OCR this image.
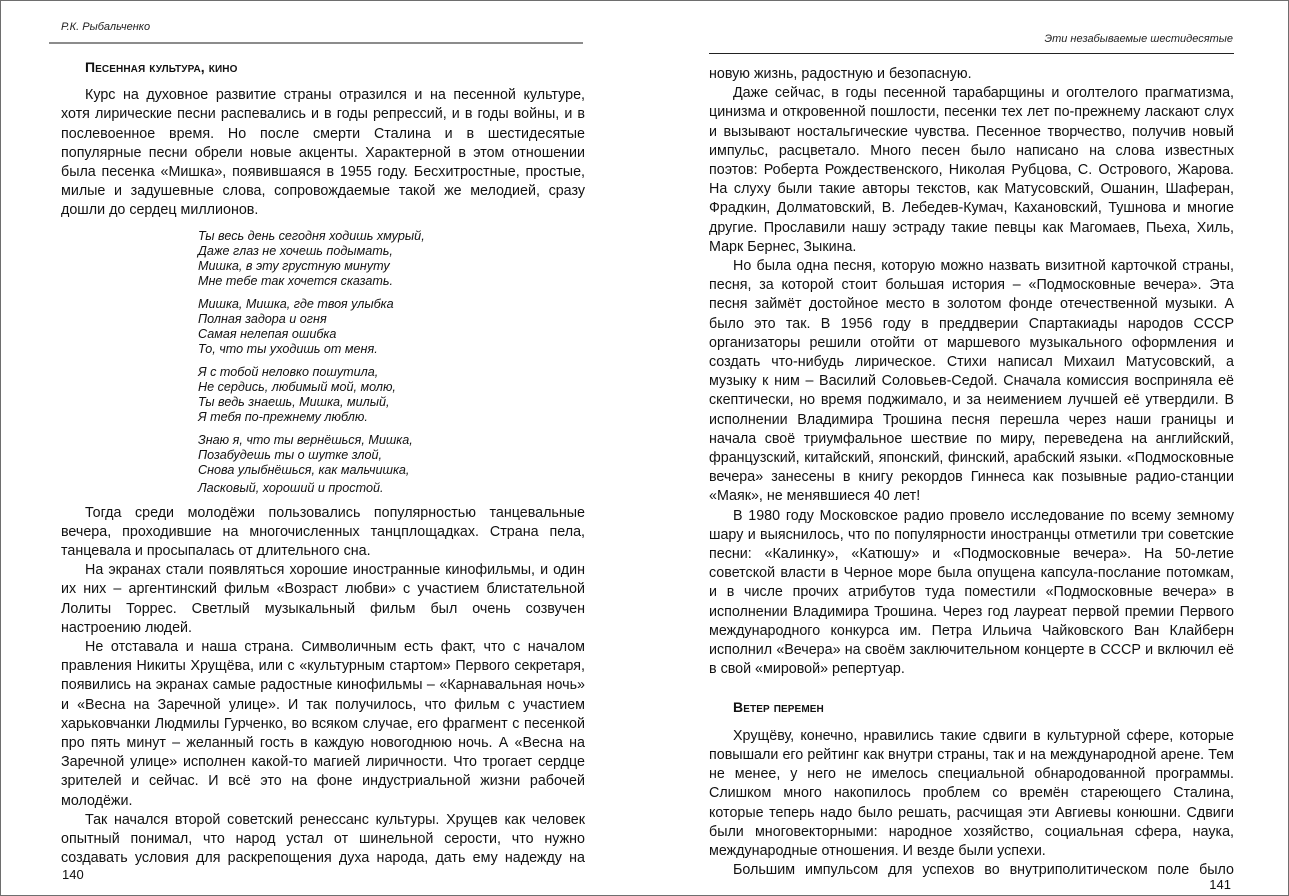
Р.К. Рыбальченко
Песенная культура, кино

Курс на духовное развитие страны отразился и на песенной культуре, хотя лирические песни распевались и в годы репрессий, и в годы войны, и в послевоенное время. Но после смерти Сталина и в шестидесятые популярные песни обрели новые акценты. Характерной в этом отношении была песенка «Мишка», появившаяся в 1955 году. Бесхитростные, простые, милые и задушевные слова, сопровождаемые такой же мелодией, сразу дошли до сердец миллионов.

Ты весь день сегодня ходишь хмурый,
Даже глаз не хочешь подымать,
Мишка, в эту грустную минуту
Мне тебе так хочется сказать.
Мишка, Мишка, где твоя улыбка
Полная задора и огня
Самая нелепая ошибка
То, что ты уходишь от меня.
Я с тобой неловко пошутила,
Не сердись, любимый мой, молю,
Ты ведь знаешь, Мишка, милый,
Я тебя по-прежнему люблю.
Знаю я, что ты вернёшься, Мишка,
Позабудешь ты о шутке злой,
Снова улыбнёшься, как мальчишка,
Ласковый, хороший и простой.

Тогда среди молодёжи пользовались популярностью танцевальные вечера, проходившие на многочисленных танцплощадках. Страна пела, танцевала и просыпалась от длительного сна.

На экранах стали появляться хорошие иностранные кинофильмы, и один их них – аргентинский фильм «Возраст любви» с участием блистательной Лолиты Торрес. Светлый музыкальный фильм был очень созвучен настроению людей.

Не отставала и наша страна. Символичным есть факт, что с началом правления Никиты Хрущёва, или с «культурным стартом» Первого секретаря, появились на экранах самые радостные кинофильмы – «Карнавальная ночь» и «Весна на Заречной улице». И так получилось, что фильм с участием харьковчанки Людмилы Гурченко, во всяком случае, его фрагмент с песенкой про пять минут – желанный гость в каждую новогоднюю ночь. А «Весна на Заречной улице» исполнен какой-то магией лиричности. Что трогает сердце зрителей и сейчас. И всё это на фоне индустриальной жизни рабочей молодёжи.

Так начался второй советский ренессанс культуры. Хрущев как человек опытный понимал, что народ устал от шинельной серости, что нужно создавать условия для раскрепощения духа народа, дать ему надежду на

140
Эти незабываемые шестидесятые

новую жизнь, радостную и безопасную.

Даже сейчас, в годы песенной тарабарщины и оголтелого прагматизма, цинизма и откровенной пошлости, песенки тех лет по-прежнему ласкают слух и вызывают ностальгические чувства. Песенное творчество, получив новый импульс, расцветало. Много песен было написано на слова известных поэтов: Роберта Рождественского, Николая Рубцова, С. Острового, Жарова. На слуху были такие авторы текстов, как Матусовский, Ошанин, Шаферан, Фрадкин, Долматовский, В. Лебедев-Кумач, Кахановский, Тушнова и многие другие. Прославили нашу эстраду такие певцы как Магомаев, Пьеха, Хиль, Марк Бернес, Зыкина.

Но была одна песня, которую можно назвать визитной карточкой страны, песня, за которой стоит большая история – «Подмосковные вечера». Эта песня займёт достойное место в золотом фонде отечественной музыки. А было это так. В 1956 году в преддверии Спартакиады народов СССР организаторы решили отойти от маршевого музыкального оформления и создать что-нибудь лирическое. Стихи написал Михаил Матусовский, а музыку к ним – Василий Соловьев-Седой. Сначала комиссия восприняла её скептически, но время поджимало, и за неимением лучшей её утвердили. В исполнении Владимира Трошина песня перешла через наши границы и начала своё триумфальное шествие по миру, переведена на английский, французский, китайский, японский, финский, арабский языки. «Подмосковные вечера» занесены в книгу рекордов Гиннеса как позывные радио-станции «Маяк», не менявшиеся 40 лет!

В 1980 году Московское радио провело исследование по всему земному шару и выяснилось, что по популярности иностранцы отметили три советские песни: «Калинку», «Катюшу» и «Подмосковные вечера». На 50-летие советской власти в Черное море была опущена капсула-послание потомкам, и в числе прочих атрибутов туда поместили «Подмосковные вечера» в исполнении Владимира Трошина. Через год лауреат первой премии Первого международного конкурса им. Петра Ильича Чайковского Ван Клайберн исполнил «Вечера» на своём заключительном концерте в СССР и включил её в свой «мировой» репертуар.

Ветер перемен

Хрущёву, конечно, нравились такие сдвиги в культурной сфере, которые повышали его рейтинг как внутри страны, так и на международной арене. Тем не менее, у него не имелось специальной обнародованной программы. Слишком много накопилось проблем со времён стареющего Сталина, которые теперь надо было решать, расчищая эти Авгиевы конюшни. Сдвиги были многовекторными: народное хозяйство, социальная сфера, наука, международные отношения. И везде были успехи.

Большим импульсом для успехов во внутриполитическом поле было

141
